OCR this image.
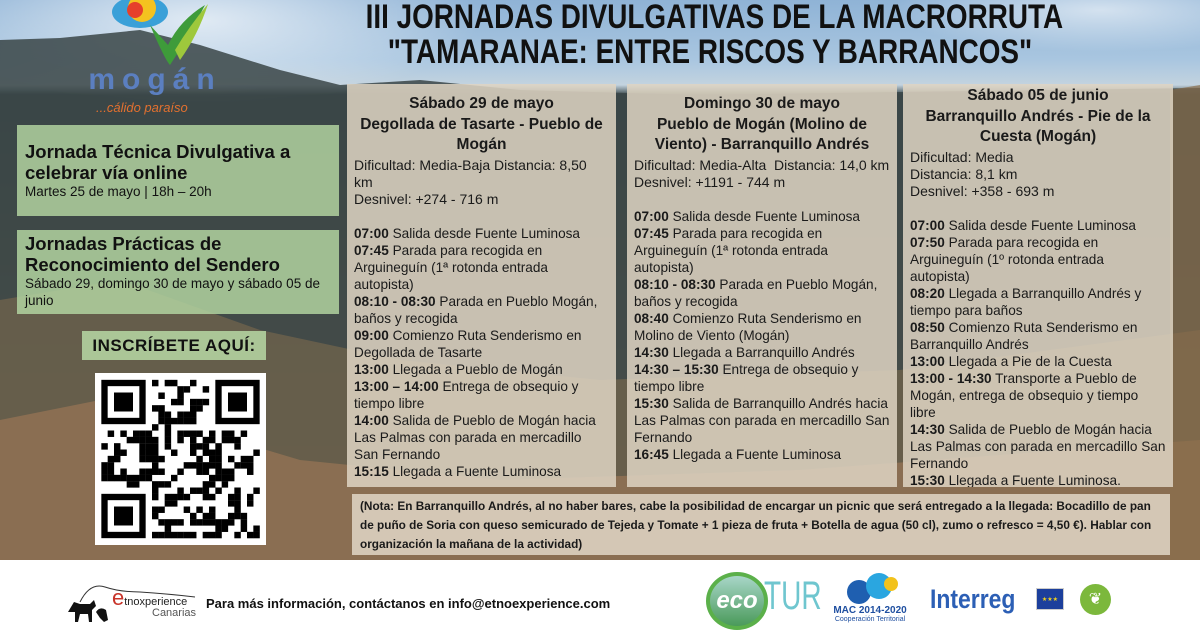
III JORNADAS DIVULGATIVAS DE LA MACRORRUTA
"TAMARANAE: ENTRE RISCOS Y BARRANCOS"
mogán
...cálido paraíso
Jornada Técnica Divulgativa a celebrar vía online
Martes 25 de mayo | 18h – 20h
Jornadas Prácticas de Reconocimiento del Sendero
Sábado 29, domingo 30 de mayo y sábado 05 de junio
INSCRÍBETE AQUÍ:
Sábado 29 de mayo
Degollada de Tasarte - Pueblo de Mogán
Dificultad: Media-Baja Distancia: 8,50 km
Desnivel: +274 - 716 m
07:00 Salida desde Fuente Luminosa
07:45 Parada para recogida en Arguineguín (1ª rotonda entrada autopista)
08:10 - 08:30 Parada en Pueblo Mogán, baños y recogida
09:00 Comienzo Ruta Senderismo en Degollada de Tasarte
13:00 Llegada a Pueblo de Mogán
13:00 – 14:00 Entrega de obsequio y tiempo libre
14:00 Salida de Pueblo de Mogán hacia Las Palmas con parada en mercadillo San Fernando
15:15 Llegada a Fuente Luminosa
Domingo 30 de mayo
Pueblo de Mogán (Molino de Viento) - Barranquillo Andrés
Dificultad: Media-Alta  Distancia: 14,0 km
Desnivel: +1191 - 744 m
07:00 Salida desde Fuente Luminosa
07:45 Parada para recogida en Arguineguín (1ª rotonda entrada autopista)
08:10 - 08:30 Parada en Pueblo Mogán, baños y recogida
08:40 Comienzo Ruta Senderismo en Molino de Viento (Mogán)
14:30 Llegada a Barranquillo Andrés
14:30 – 15:30 Entrega de obsequio y tiempo libre
15:30 Salida de Barranquillo Andrés hacia Las Palmas con parada en mercadillo San Fernando
16:45 Llegada a Fuente Luminosa
Sábado 05 de junio
Barranquillo Andrés - Pie de la Cuesta (Mogán)
Dificultad: Media
Distancia: 8,1 km
Desnivel: +358 - 693 m
07:00 Salida desde Fuente Luminosa
07:50 Parada para recogida en Arguineguín (1º rotonda entrada autopista)
08:20 Llegada a Barranquillo Andrés y tiempo para baños
08:50 Comienzo Ruta Senderismo en Barranquillo Andrés
13:00 Llegada a Pie de la Cuesta
13:00 - 14:30 Transporte a Pueblo de Mogán, entrega de obsequio y tiempo libre
14:30 Salida de Pueblo de Mogán hacia Las Palmas con parada en mercadillo San Fernando
15:30 Llegada a Fuente Luminosa.
(Nota: En Barranquillo Andrés, al no haber bares, cabe la posibilidad de encargar un picnic que será entregado a la llegada: Bocadillo de pan de puño de Soria con queso semicurado de Tejeda y Tomate + 1 pieza de fruta + Botella de agua (50 cl), zumo o refresco = 4,50 €). Hablar con organización la mañana de la actividad)
etnoxperience
Canarias
Para más información, contáctanos en info@etnoexperience.com	eco TUR	MAC 2014-2020
Cooperación Territorial
Interreg	★★★	❦
